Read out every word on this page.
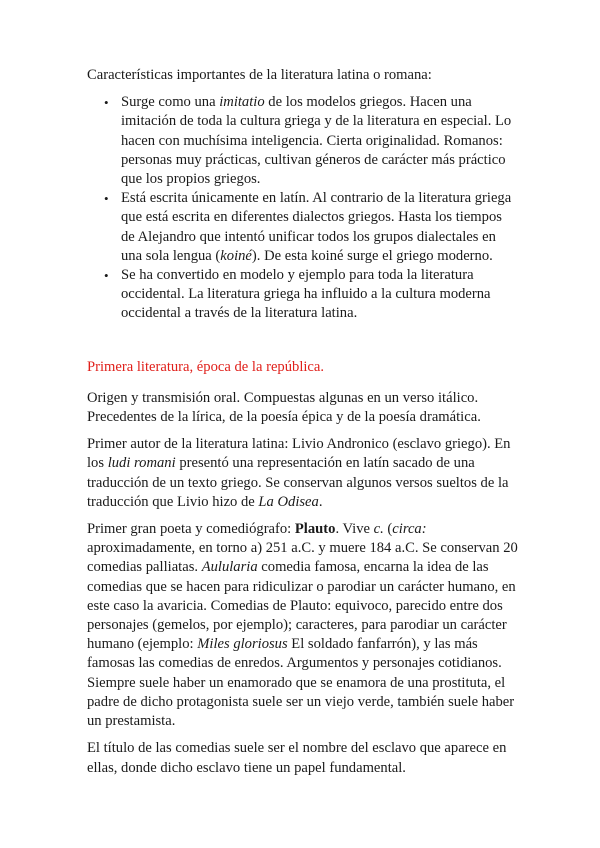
Características importantes de la literatura latina o romana:

• Surge como una imitatio de los modelos griegos. Hacen una imitación de toda la cultura griega y de la literatura en especial. Lo hacen con muchísima inteligencia. Cierta originalidad. Romanos: personas muy prácticas, cultivan géneros de carácter más práctico que los propios griegos.
• Está escrita únicamente en latín. Al contrario de la literatura griega que está escrita en diferentes dialectos griegos. Hasta los tiempos de Alejandro que intentó unificar todos los grupos dialectales en una sola lengua (koiné). De esta koiné surge el griego moderno.
• Se ha convertido en modelo y ejemplo para toda la literatura occidental. La literatura griega ha influido a la cultura moderna occidental a través de la literatura latina.

Primera literatura, época de la república.

Origen y transmisión oral. Compuestas algunas en un verso itálico. Precedentes de la lírica, de la poesía épica y de la poesía dramática.

Primer autor de la literatura latina: Livio Andronico (esclavo griego). En los ludi romani presentó una representación en latín sacado de una traducción de un texto griego. Se conservan algunos versos sueltos de la traducción que Livio hizo de La Odisea.

Primer gran poeta y comediógrafo: Plauto. Vive c. (circa: aproximadamente, en torno a) 251 a.C. y muere 184 a.C. Se conservan 20 comedias palliatas. Aulularia comedia famosa, encarna la idea de las comedias que se hacen para ridiculizar o parodiar un carácter humano, en este caso la avaricia. Comedias de Plauto: equivoco, parecido entre dos personajes (gemelos, por ejemplo); caracteres, para parodiar un carácter humano (ejemplo: Miles gloriosus El soldado fanfarrón), y las más famosas las comedias de enredos. Argumentos y personajes cotidianos. Siempre suele haber un enamorado que se enamora de una prostituta, el padre de dicho protagonista suele ser un viejo verde, también suele haber un prestamista.

El título de las comedias suele ser el nombre del esclavo que aparece en ellas, donde dicho esclavo tiene un papel fundamental.
